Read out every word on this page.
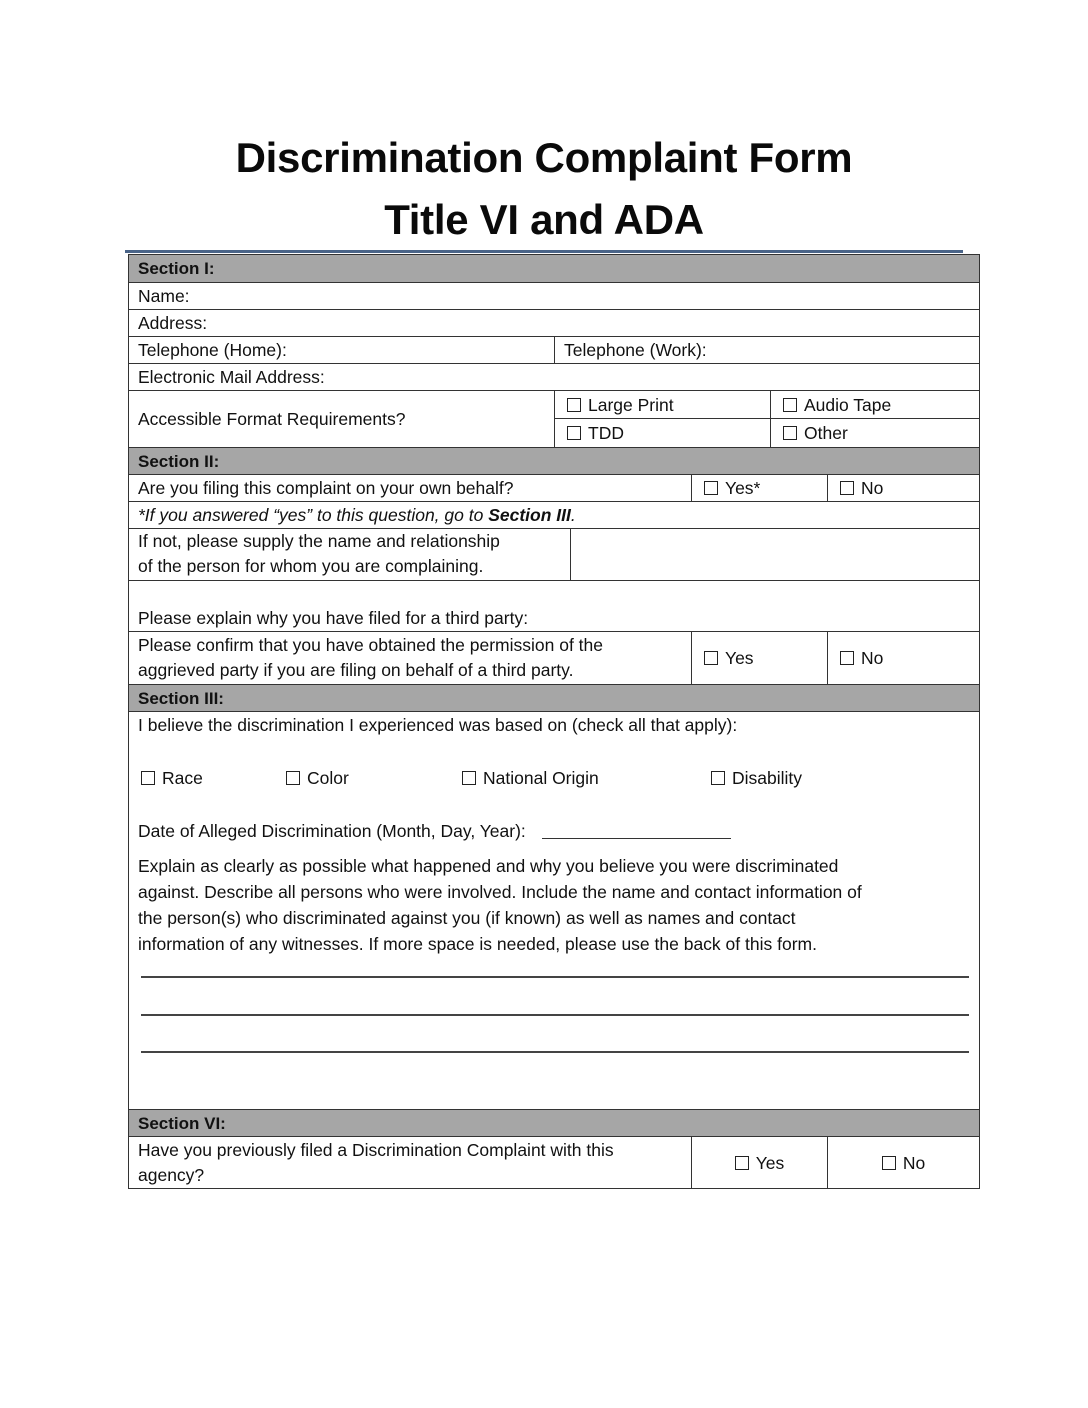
Discrimination Complaint Form
Title VI and ADA
Section I:
Name:
Address:
Telephone (Home):	Telephone (Work):
Electronic Mail Address:
Accessible Format Requirements?
Large Print	Audio Tape
TDD	Other
Section II:
Are you filing this complaint on your own behalf?	Yes*	No
*If you answered “yes” to this question, go to Section III.
If not, please supply the name and relationship
of the person for whom you are complaining.
Please explain why you have filed for a third party:
Please confirm that you have obtained the permission of the
aggrieved party if you are filing on behalf of a third party.
Yes	No
Section III:
I believe the discrimination I experienced was based on (check all that apply):
Race	Color	National Origin	Disability
Date of Alleged Discrimination (Month, Day, Year):
Explain as clearly as possible what happened and why you believe you were discriminated
against. Describe all persons who were involved. Include the name and contact information of
the person(s) who discriminated against you (if known) as well as names and contact
information of any witnesses. If more space is needed, please use the back of this form.
Section VI:
Have you previously filed a Discrimination Complaint with this
agency?
Yes	No
